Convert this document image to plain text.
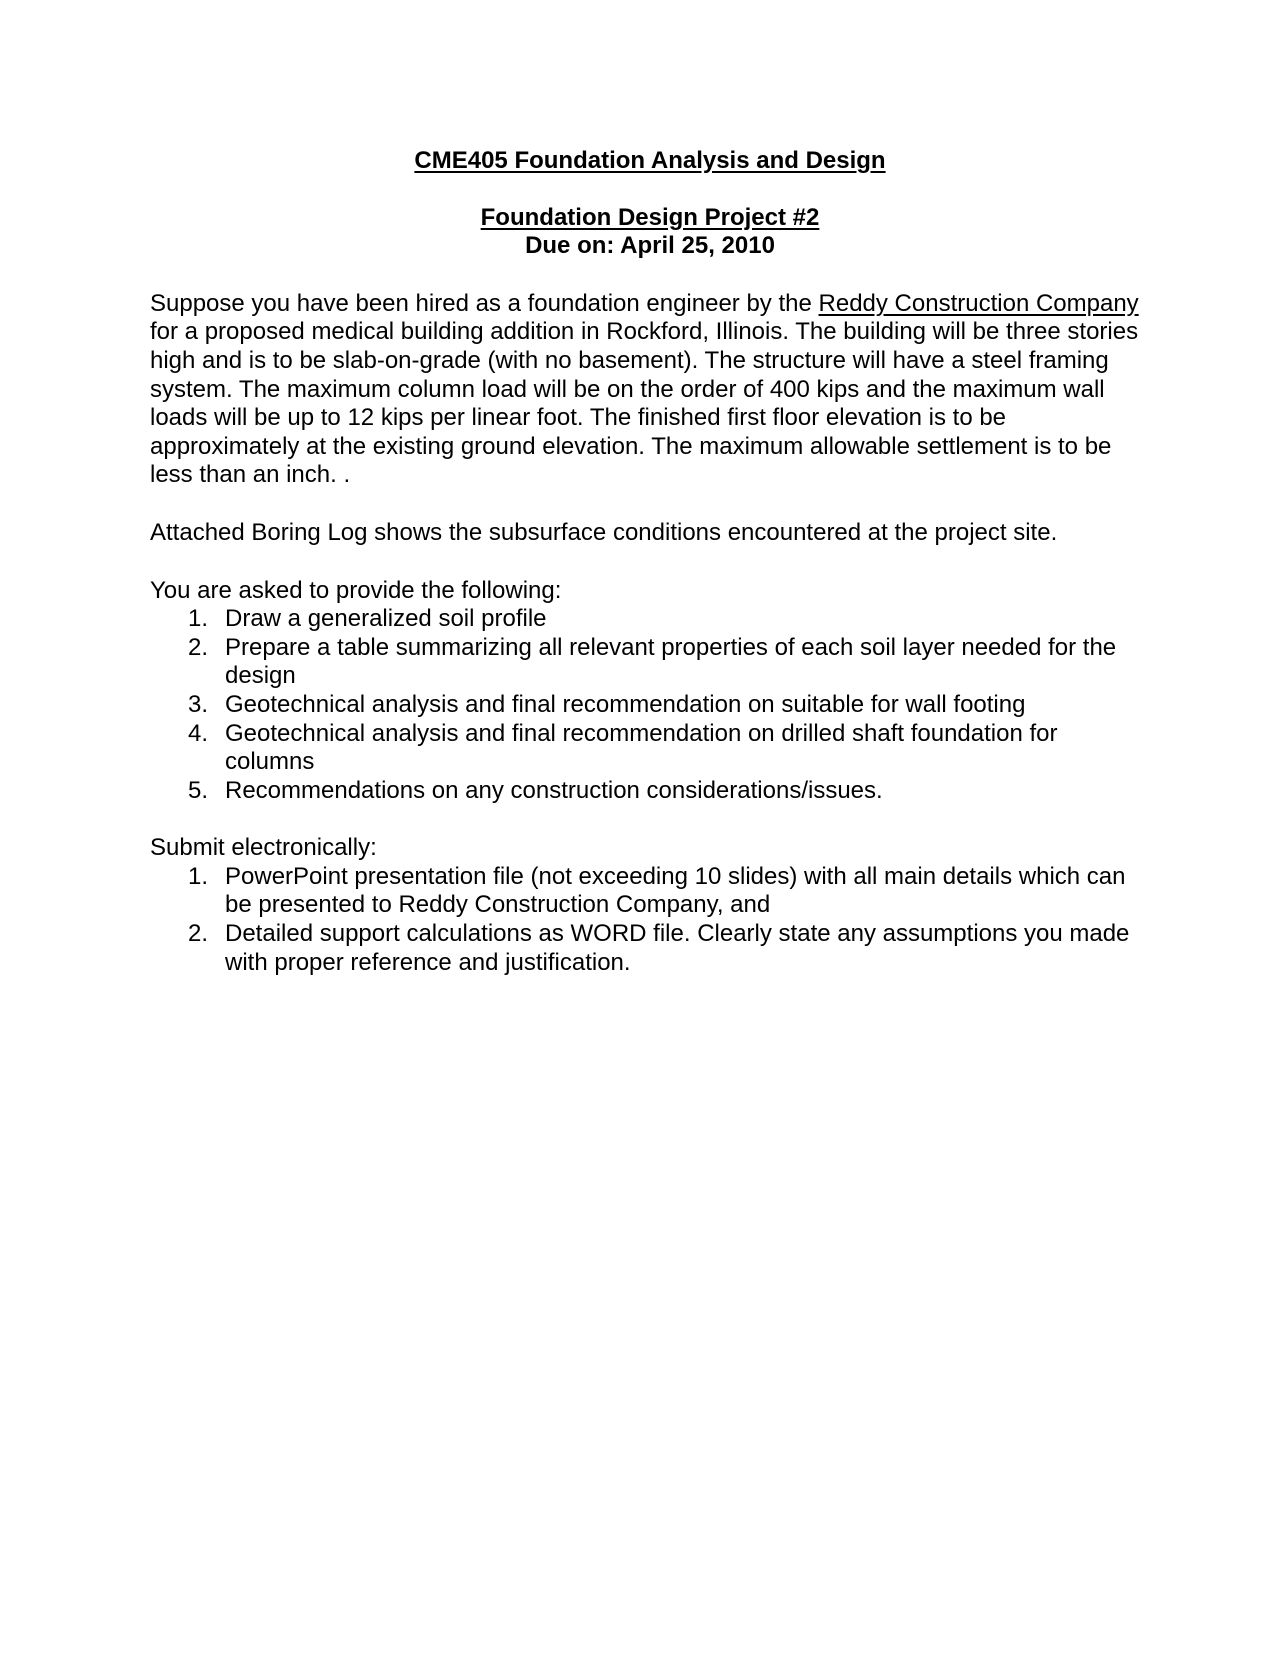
CME405 Foundation Analysis and Design
Foundation Design Project #2
Due on: April 25, 2010

Suppose you have been hired as a foundation engineer by the Reddy Construction Company for a proposed medical building addition in Rockford, Illinois. The building will be three stories high and is to be slab-on-grade (with no basement). The structure will have a steel framing system. The maximum column load will be on the order of 400 kips and the maximum wall loads will be up to 12 kips per linear foot. The finished first floor elevation is to be approximately at the existing ground elevation. The maximum allowable settlement is to be less than an inch. .

Attached Boring Log shows the subsurface conditions encountered at the project site.

You are asked to provide the following:

1. Draw a generalized soil profile
2. Prepare a table summarizing all relevant properties of each soil layer needed for the design
3. Geotechnical analysis and final recommendation on suitable for wall footing
4. Geotechnical analysis and final recommendation on drilled shaft foundation for columns
5. Recommendations on any construction considerations/issues.

Submit electronically:

1. PowerPoint presentation file (not exceeding 10 slides) with all main details which can be presented to Reddy Construction Company, and
2. Detailed support calculations as WORD file. Clearly state any assumptions you made with proper reference and justification.
